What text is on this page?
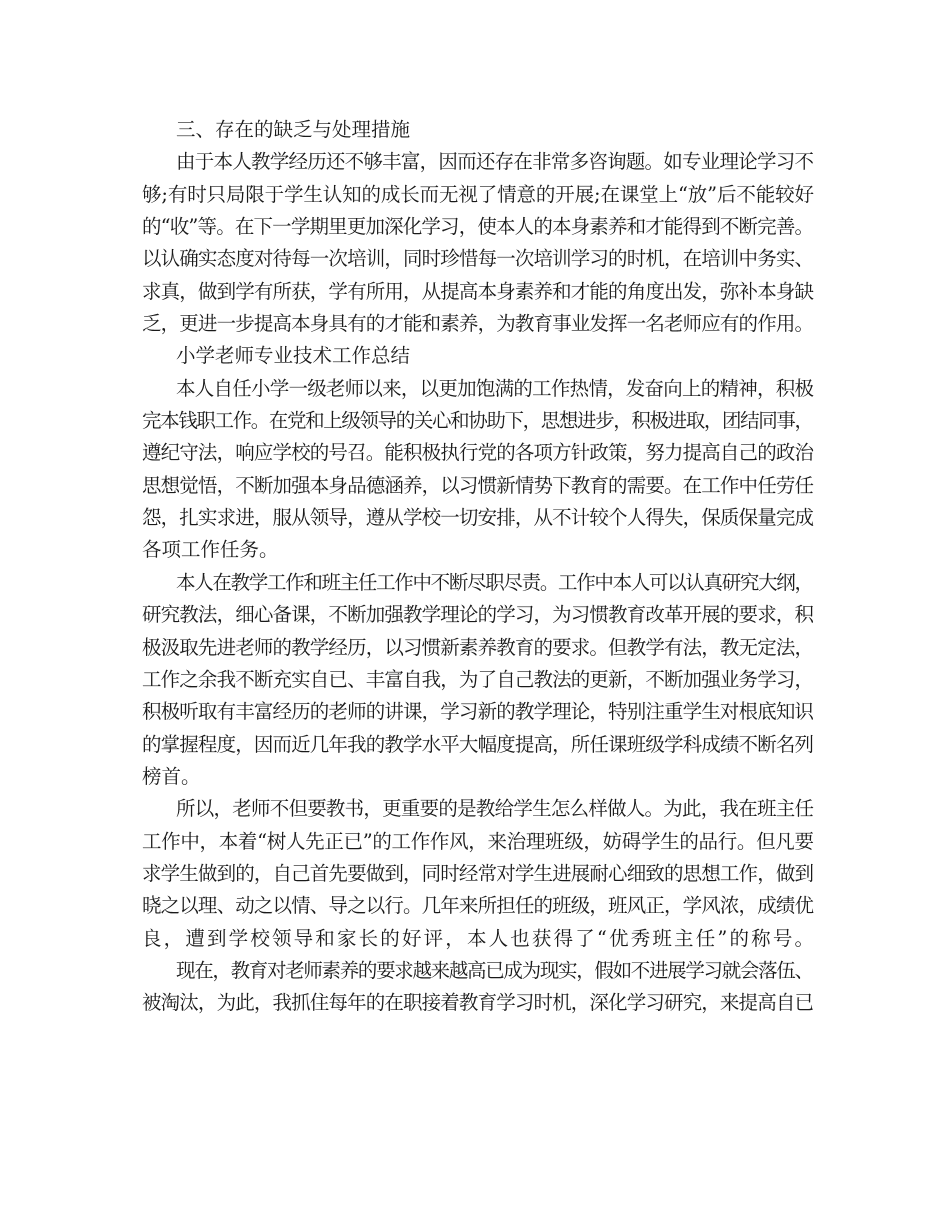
三、存在的缺乏与处理措施
由于本人教学经历还不够丰富，因而还存在非常多咨询题。如专业理论学习不
够;有时只局限于学生认知的成长而无视了情意的开展;在课堂上“放”后不能较好
的“收”等。在下一学期里更加深化学习，使本人的本身素养和才能得到不断完善。
以认确实态度对待每一次培训，同时珍惜每一次培训学习的时机，在培训中务实、
求真，做到学有所获，学有所用，从提高本身素养和才能的角度出发，弥补本身缺
乏，更进一步提高本身具有的才能和素养，为教育事业发挥一名老师应有的作用。
小学老师专业技术工作总结
本人自任小学一级老师以来，以更加饱满的工作热情，发奋向上的精神，积极
完本钱职工作。在党和上级领导的关心和协助下，思想进步，积极进取，团结同事，
遵纪守法，响应学校的号召。能积极执行党的各项方针政策，努力提高自己的政治
思想觉悟，不断加强本身品德涵养，以习惯新情势下教育的需要。在工作中任劳任
怨，扎实求进，服从领导，遵从学校一切安排，从不计较个人得失，保质保量完成
各项工作任务。
本人在教学工作和班主任工作中不断尽职尽责。工作中本人可以认真研究大纲，
研究教法，细心备课，不断加强教学理论的学习，为习惯教育改革开展的要求，积
极汲取先进老师的教学经历，以习惯新素养教育的要求。但教学有法，教无定法，
工作之余我不断充实自已、丰富自我，为了自己教法的更新，不断加强业务学习，
积极听取有丰富经历的老师的讲课，学习新的教学理论，特别注重学生对根底知识
的掌握程度，因而近几年我的教学水平大幅度提高，所任课班级学科成绩不断名列
榜首。
所以，老师不但要教书，更重要的是教给学生怎么样做人。为此，我在班主任
工作中，本着“树人先正已”的工作作风，来治理班级，妨碍学生的品行。但凡要
求学生做到的，自己首先要做到，同时经常对学生进展耐心细致的思想工作，做到
晓之以理、动之以情、导之以行。几年来所担任的班级，班风正，学风浓，成绩优
良，遭到学校领导和家长的好评，本人也获得了“优秀班主任”的称号。
现在，教育对老师素养的要求越来越高已成为现实，假如不进展学习就会落伍、
被淘汰，为此，我抓住每年的在职接着教育学习时机，深化学习研究，来提高自已
